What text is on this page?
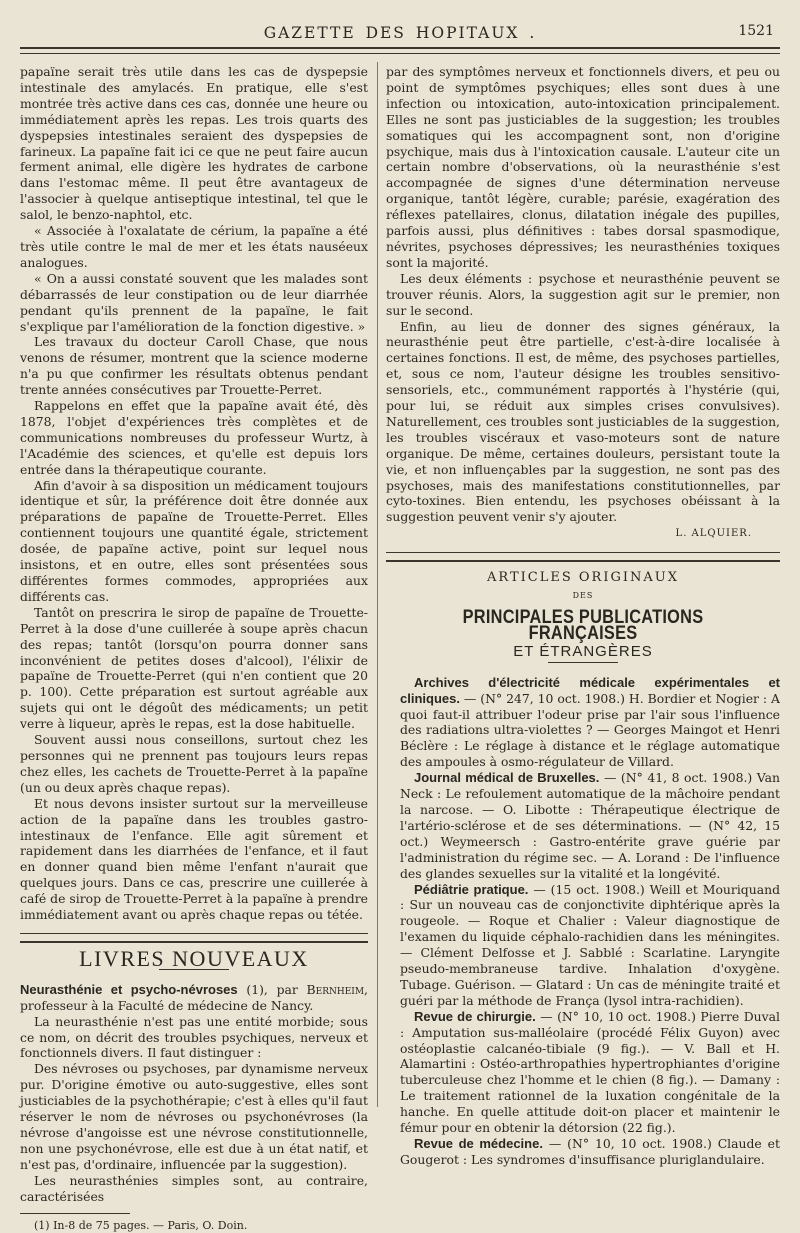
GAZETTE DES HOPITAUX .	1521

papaïne serait très utile dans les cas de dyspepsie intestinale des amylacés. En pratique, elle s'est montrée très active dans ces cas, donnée une heure ou immédiatement après les repas. Les trois quarts des dyspepsies intestinales seraient des dyspepsies de farineux. La papaïne fait ici ce que ne peut faire aucun ferment animal, elle digère les hydrates de carbone dans l'estomac même. Il peut être avantageux de l'associer à quelque antiseptique intestinal, tel que le salol, le benzo-naphtol, etc.

« Associée à l'oxalatate de cérium, la papaïne a été très utile contre le mal de mer et les états nauséeux analogues.

« On a aussi constaté souvent que les malades sont débarrassés de leur constipation ou de leur diarrhée pendant qu'ils prennent de la papaïne, le fait s'explique par l'amélioration de la fonction digestive. »

Les travaux du docteur Caroll Chase, que nous venons de résumer, montrent que la science moderne n'a pu que confirmer les résultats obtenus pendant trente années consécutives par Trouette-Perret.

Rappelons en effet que la papaïne avait été, dès 1878, l'objet d'expériences très complètes et de communications nombreuses du professeur Wurtz, à l'Académie des sciences, et qu'elle est depuis lors entrée dans la thérapeutique courante.

Afin d'avoir à sa disposition un médicament toujours identique et sûr, la préférence doit être donnée aux préparations de papaïne de Trouette-Perret. Elles contiennent toujours une quantité égale, strictement dosée, de papaïne active, point sur lequel nous insistons, et en outre, elles sont présentées sous différentes formes commodes, appropriées aux différents cas.

Tantôt on prescrira le sirop de papaïne de Trouette-Perret à la dose d'une cuillerée à soupe après chacun des repas; tantôt (lorsqu'on pourra donner sans inconvénient de petites doses d'alcool), l'élixir de papaïne de Trouette-Perret (qui n'en contient que 20 p. 100). Cette préparation est surtout agréable aux sujets qui ont le dégoût des médicaments; un petit verre à liqueur, après le repas, est la dose habituelle.

Souvent aussi nous conseillons, surtout chez les personnes qui ne prennent pas toujours leurs repas chez elles, les cachets de Trouette-Perret à la papaïne (un ou deux après chaque repas).

Et nous devons insister surtout sur la merveilleuse action de la papaïne dans les troubles gastro-intestinaux de l'enfance. Elle agit sûrement et rapidement dans les diarrhées de l'enfance, et il faut en donner quand bien même l'enfant n'aurait que quelques jours. Dans ce cas, prescrire une cuillerée à café de sirop de Trouette-Perret à la papaïne à prendre immédiatement avant ou après chaque repas ou tétée.

LIVRES NOUVEAUX

Neurasthénie et psycho-névroses (1), par Bernheim, professeur à la Faculté de médecine de Nancy.

La neurasthénie n'est pas une entité morbide; sous ce nom, on décrit des troubles psychiques, nerveux et fonctionnels divers. Il faut distinguer :

Des névroses ou psychoses, par dynamisme nerveux pur. D'origine émotive ou auto-suggestive, elles sont justiciables de la psychothérapie; c'est à elles qu'il faut réserver le nom de névroses ou psychonévroses (la névrose d'angoisse est une névrose constitutionnelle, non une psychonévrose, elle est due à un état natif, et n'est pas, d'ordinaire, influencée par la suggestion).

Les neurasthénies simples sont, au contraire, caractérisées

(1) In-8 de 75 pages. — Paris, O. Doin.

par des symptômes nerveux et fonctionnels divers, et peu ou point de symptômes psychiques; elles sont dues à une infection ou intoxication, auto-intoxication principalement. Elles ne sont pas justiciables de la suggestion; les troubles somatiques qui les accompagnent sont, non d'origine psychique, mais dus à l'intoxication causale. L'auteur cite un certain nombre d'observations, où la neurasthénie s'est accompagnée de signes d'une détermination nerveuse organique, tantôt légère, curable; parésie, exagération des réflexes patellaires, clonus, dilatation inégale des pupilles, parfois aussi, plus définitives : tabes dorsal spasmodique, névrites, psychoses dépressives; les neurasthénies toxiques sont la majorité.

Les deux éléments : psychose et neurasthénie peuvent se trouver réunis. Alors, la suggestion agit sur le premier, non sur le second.

Enfin, au lieu de donner des signes généraux, la neurasthénie peut être partielle, c'est-à-dire localisée à certaines fonctions. Il est, de même, des psychoses partielles, et, sous ce nom, l'auteur désigne les troubles sensitivo-sensoriels, etc., communément rapportés à l'hystérie (qui, pour lui, se réduit aux simples crises convulsives). Naturellement, ces troubles sont justiciables de la suggestion, les troubles viscéraux et vaso-moteurs sont de nature organique. De même, certaines douleurs, persistant toute la vie, et non influençables par la suggestion, ne sont pas des psychoses, mais des manifestations constitutionnelles, par cyto-toxines. Bien entendu, les psychoses obéissant à la suggestion peuvent venir s'y ajouter.

L. ALQUIER.
ARTICLES ORIGINAUX
DES
PRINCIPALES PUBLICATIONS FRANÇAISES
ET ÉTRANGÈRES

Archives d'électricité médicale expérimentales et cliniques. — (N° 247, 10 oct. 1908.) H. Bordier et Nogier : A quoi faut-il attribuer l'odeur prise par l'air sous l'influence des radiations ultra-violettes ? — Georges Maingot et Henri Béclère : Le réglage à distance et le réglage automatique des ampoules à osmo-régulateur de Villard.

Journal médical de Bruxelles. — (N° 41, 8 oct. 1908.) Van Neck : Le refoulement automatique de la mâchoire pendant la narcose. — O. Libotte : Thérapeutique électrique de l'artério-sclérose et de ses déterminations. — (N° 42, 15 oct.) Weymeersch : Gastro-entérite grave guérie par l'administration du régime sec. — A. Lorand : De l'influence des glandes sexuelles sur la vitalité et la longévité.

Pédiâtrie pratique. — (15 oct. 1908.) Weill et Mouriquand : Sur un nouveau cas de conjonctivite diphtérique après la rougeole. — Roque et Chalier : Valeur diagnostique de l'examen du liquide céphalo-rachidien dans les méningites. — Clément Delfosse et J. Sabblé : Scarlatine. Laryngite pseudo-membraneuse tardive. Inhalation d'oxygène. Tubage. Guérison. — Glatard : Un cas de méningite traité et guéri par la méthode de França (lysol intra-rachidien).

Revue de chirurgie. — (N° 10, 10 oct. 1908.) Pierre Duval : Amputation sus-malléolaire (procédé Félix Guyon) avec ostéoplastie calcanéo-tibiale (9 fig.). — V. Ball et H. Alamartini : Ostéo-arthropathies hypertrophiantes d'origine tuberculeuse chez l'homme et le chien (8 fig.). — Damany : Le traitement rationnel de la luxation congénitale de la hanche. En quelle attitude doit-on placer et maintenir le fémur pour en obtenir la détorsion (22 fig.).

Revue de médecine. — (N° 10, 10 oct. 1908.) Claude et Gougerot : Les syndromes d'insuffisance pluriglandulaire.
